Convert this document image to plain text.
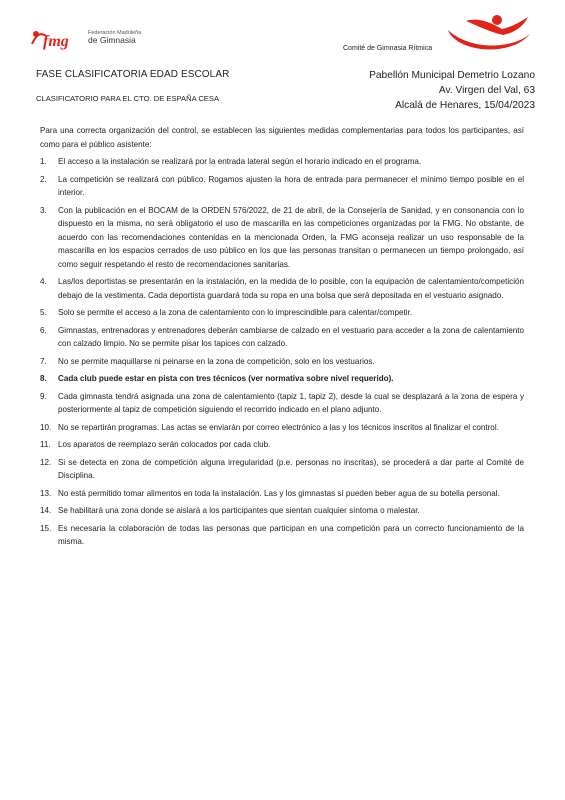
fmg
Federación Madrileña
de Gimnasia
Comité de Gimnasia Rítmica
FASE CLASIFICATORIA EDAD ESCOLAR
CLASIFICATORIO PARA EL CTO. DE ESPAÑA CESA
Pabellón Municipal Demetrio Lozano
Av. Virgen del Val, 63
Alcalá de Henares, 15/04/2023

Para una correcta organización del control, se establecen las siguientes medidas complementarias para todos los participantes, así como para el público asistente:

1. El acceso a la instalación se realizará por la entrada lateral según el horario indicado en el programa.
2. La competición se realizará con público. Rogamos ajusten la hora de entrada para permanecer el mínimo tiempo posible en el interior.
3. Con la publicación en el BOCAM de la ORDEN 576/2022, de 21 de abril, de la Consejería de Sanidad, y en consonancia con lo dispuesto en la misma, no será obligatorio el uso de mascarilla en las competiciones organizadas por la FMG. No obstante, de acuerdo con las recomendaciones contenidas en la mencionada Orden, la FMG aconseja realizar un uso responsable de la mascarilla en los espacios cerrados de uso público en los que las personas transitan o permanecen un tiempo prolongado, así como seguir respetando el resto de recomendaciones sanitarias.
4. Las/los deportistas se presentarán en la instalación, en la medida de lo posible, con la equipación de calentamiento/competición debajo de la vestimenta. Cada deportista guardará toda su ropa en una bolsa que será depositada en el vestuario asignado.
5. Solo se permite el acceso a la zona de calentamiento con lo imprescindible para calentar/competir.
6. Gimnastas, entrenadoras y entrenadores deberán cambiarse de calzado en el vestuario para acceder a la zona de calentamiento con calzado limpio. No se permite pisar los tapices con calzado.
7. No se permite maquillarse ni peinarse en la zona de competición, solo en los vestuarios.
8. Cada club puede estar en pista con tres técnicos (ver normativa sobre nivel requerido).
9. Cada gimnasta tendrá asignada una zona de calentamiento (tapiz 1, tapiz 2), desde la cual se desplazará a la zona de espera y posteriormente al tapiz de competición siguiendo el recorrido indicado en el plano adjunto.
10. No se repartirán programas. Las actas se enviarán por correo electrónico a las y los técnicos inscritos al finalizar el control.
11. Los aparatos de reemplazo serán colocados por cada club.
12. Si se detecta en zona de competición alguna irregularidad (p.e. personas no inscritas), se procederá a dar parte al Comité de Disciplina.
13. No está permitido tomar alimentos en toda la instalación. Las y los gimnastas sí pueden beber agua de su botella personal.
14. Se habilitará una zona donde se aislará a los participantes que sientan cualquier síntoma o malestar.
15. Es necesaria la colaboración de todas las personas que participan en una competición para un correcto funcionamiento de la misma.
